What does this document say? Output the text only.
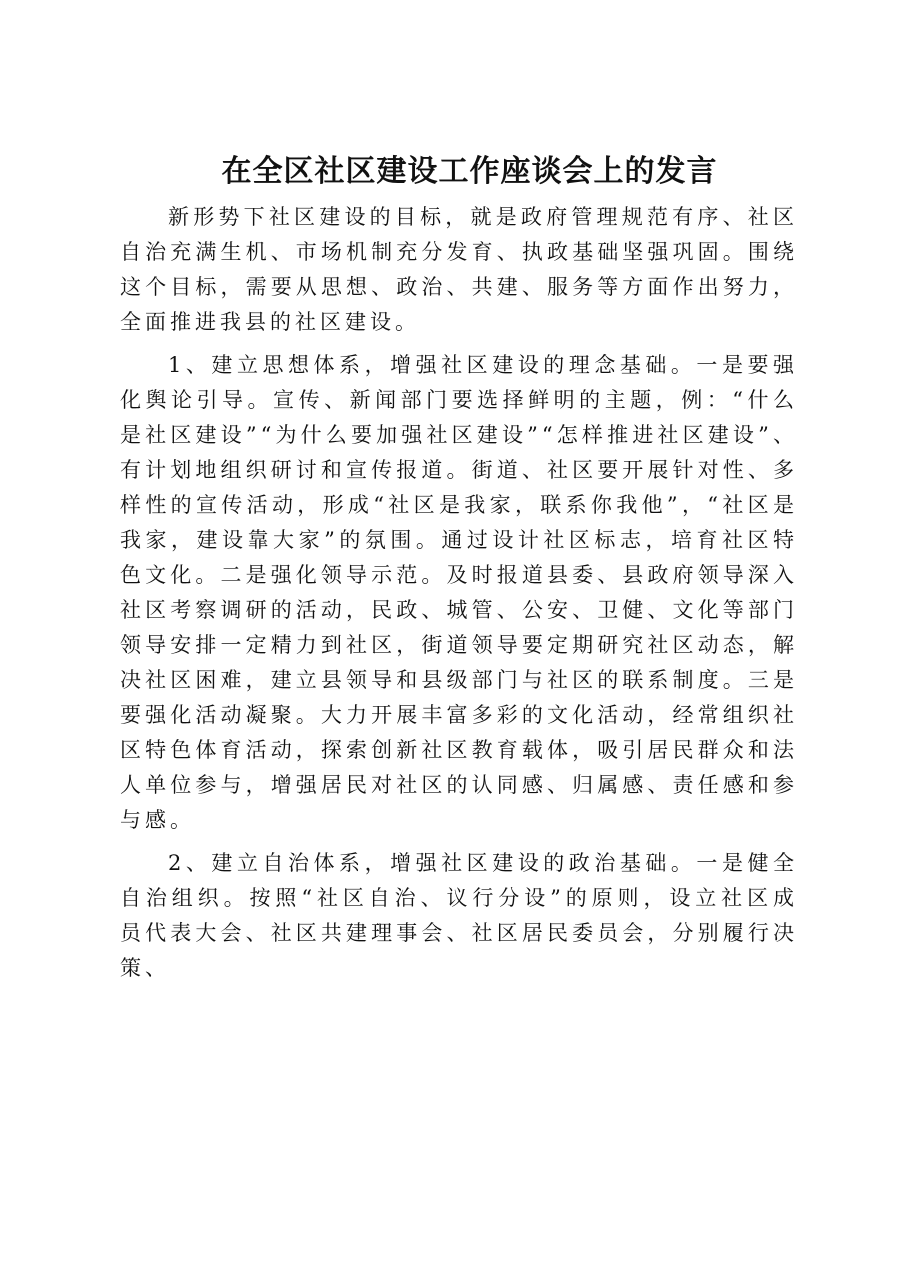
在全区社区建设工作座谈会上的发言

新形势下社区建设的目标，就是政府管理规范有序、社区自治充满生机、市场机制充分发育、执政基础坚强巩固。围绕这个目标，需要从思想、政治、共建、服务等方面作出努力，全面推进我县的社区建设。

1、建立思想体系，增强社区建设的理念基础。一是要强化舆论引导。宣传、新闻部门要选择鲜明的主题，例：“什么是社区建设”“为什么要加强社区建设”“怎样推进社区建设”、有计划地组织研讨和宣传报道。街道、社区要开展针对性、多样性的宣传活动，形成“社区是我家，联系你我他”，“社区是我家，建设靠大家”的氛围。通过设计社区标志，培育社区特色文化。二是强化领导示范。及时报道县委、县政府领导深入社区考察调研的活动，民政、城管、公安、卫健、文化等部门领导安排一定精力到社区，街道领导要定期研究社区动态，解决社区困难，建立县领导和县级部门与社区的联系制度。三是要强化活动凝聚。大力开展丰富多彩的文化活动，经常组织社区特色体育活动，探索创新社区教育载体，吸引居民群众和法人单位参与，增强居民对社区的认同感、归属感、责任感和参与感。

2、建立自治体系，增强社区建设的政治基础。一是健全自治组织。按照“社区自治、议行分设”的原则，设立社区成员代表大会、社区共建理事会、社区居民委员会，分别履行决策、
